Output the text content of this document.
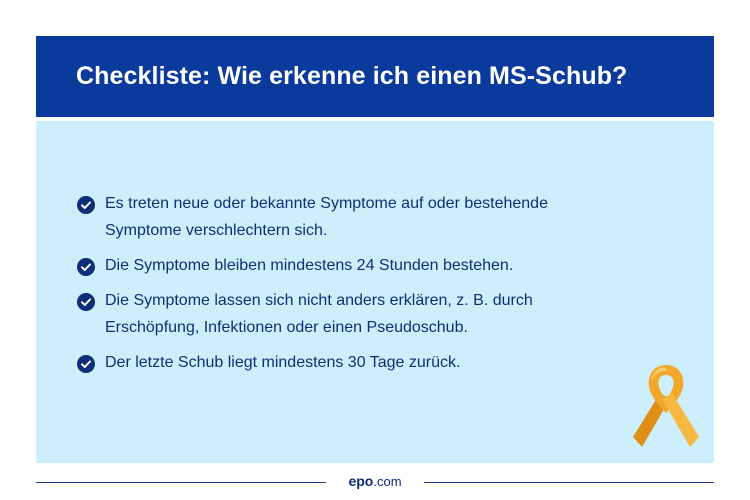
Checkliste: Wie erkenne ich einen MS-Schub?
Es treten neue oder bekannte Symptome auf oder bestehende Symptome verschlechtern sich.
Die Symptome bleiben mindestens 24 Stunden bestehen.
Die Symptome lassen sich nicht anders erklären, z. B. durch Erschöpfung, Infektionen oder einen Pseudoschub.
Der letzte Schub liegt mindestens 30 Tage zurück.
epo .com
